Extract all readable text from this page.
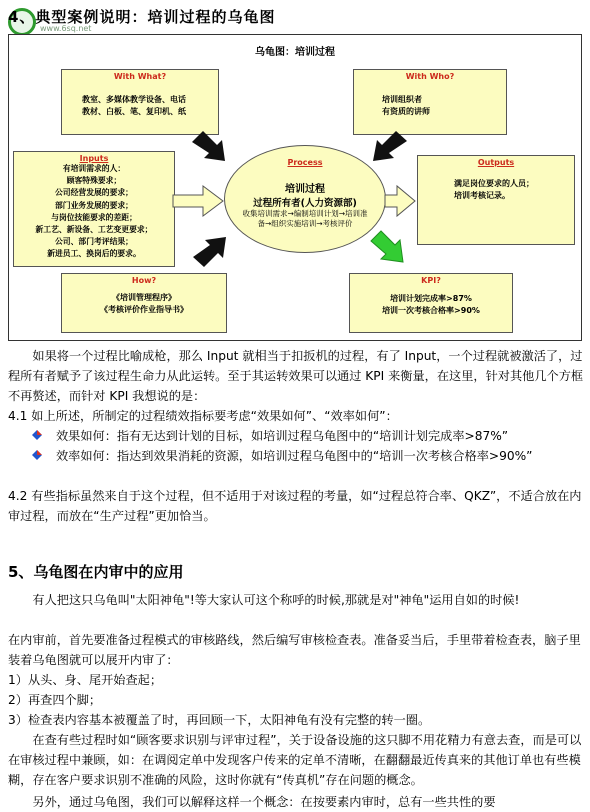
www.6sq.net
4、典型案例说明：培训过程的乌龟图
乌龟图：培训过程
With What?
教室、多媒体教学设备、电话
教材、白板、笔、复印机、纸
With Who?
培训组织者
有资质的讲师
Inputs
有培训需求的人：
顾客特殊要求；
公司经营发展的要求；
部门业务发展的要求；
与岗位技能要求的差距；
新工艺、新设备、工艺变更要求；
公司、部门考评结果；
新进员工、换岗后的要求。
Process
培训过程
过程所有者(人力资源部)
收集培训需求→编制培训计划→培训准备→组织实施培训→考核评价
Outputs
满足岗位要求的人员；
培训考核记录。
How?
《培训管理程序》
《考核评价作业指导书》
KPI?
培训计划完成率>87%
培训一次考核合格率>90%
如果将一个过程比喻成枪，那么 Input 就相当于扣扳机的过程，有了 Input，一个过程就被激活了，过程所有者赋予了该过程生命力从此运转。至于其运转效果可以通过 KPI 来衡量，在这里，针对其他几个方框不再赘述，而针对 KPI 我想说的是：
4.1 如上所述，所制定的过程绩效指标要考虑“效果如何”、“效率如何”：
效果如何：指有无达到计划的目标，如培训过程乌龟图中的“培训计划完成率>87%”
效率如何：指达到效果消耗的资源，如培训过程乌龟图中的“培训一次考核合格率>90%”
4.2 有些指标虽然来自于这个过程，但不适用于对该过程的考量，如“过程总符合率、QKZ”，不适合放在内审过程，而放在“生产过程”更加恰当。
5、乌龟图在内审中的应用
有人把这只乌龟叫"太阳神龟"!等大家认可这个称呼的时候,那就是对"神龟"运用自如的时候!
在内审前，首先要准备过程模式的审核路线，然后编写审核检查表。准备妥当后，手里带着检查表，脑子里装着乌龟图就可以展开内审了：
1）从头、身、尾开始查起；
2）再查四个脚；
3）检查表内容基本被覆盖了时，再回顾一下，太阳神龟有没有完整的转一圈。
在查有些过程时如“顾客要求识别与评审过程”，关于设备设施的这只脚不用花精力有意去查，而是可以在审核过程中兼顾，如：在调阅定单中发现客户传来的定单不清晰，在翻翻最近传真来的其他订单也有些模糊，存在客户要求识别不准确的风险，这时你就有“传真机”存在问题的概念。
另外，通过乌龟图，我们可以解释这样一个概念：在按要素内审时，总有一些共性的要
